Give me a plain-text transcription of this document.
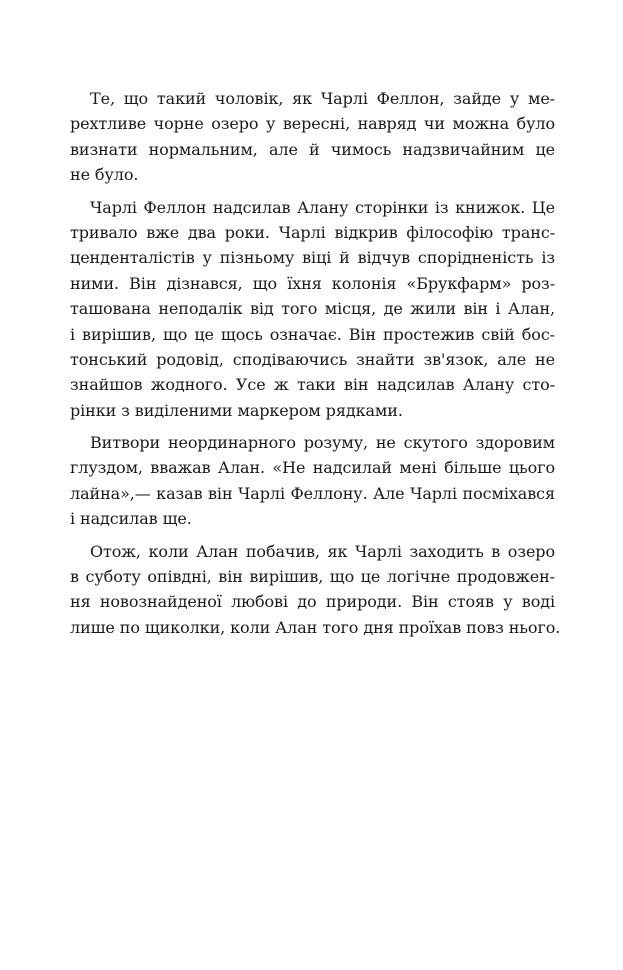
Те, що такий чоловік, як Чарлі Феллон, зайде у ме-
рехтливе чорне озеро у вересні, навряд чи можна було
визнати нормальним, але й чимось надзвичайним це
не було.
Чарлі Феллон надсилав Алану сторінки із книжок. Це
тривало вже два роки. Чарлі відкрив філософію транс-
цендентaлістів у пізньому віці й відчув спорідненість із
ними. Він дізнався, що їхня колонія «Брукфарм» роз-
ташована неподалік від того місця, де жили він і Алан,
і вирішив, що це щось означає. Він простежив свій бос-
тонський родовід, сподіваючись знайти зв'язок, але не
знайшов жодного. Усе ж таки він надсилав Алану сто-
рінки з виділеними маркером рядками.
Витвори неординарного розуму, не скутого здоровим
глуздом, вважав Алан. «Не надсилай мені більше цього
лайна»,— казав він Чарлі Феллону. Але Чарлі посміхався
і надсилав ще.
Отож, коли Алан побачив, як Чарлі заходить в озеро
в суботу опівдні, він вирішив, що це логічне продовжен-
ня новознайденої любові до природи. Він стояв у воді
лише по щиколки, коли Алан того дня проїхав повз нього.
